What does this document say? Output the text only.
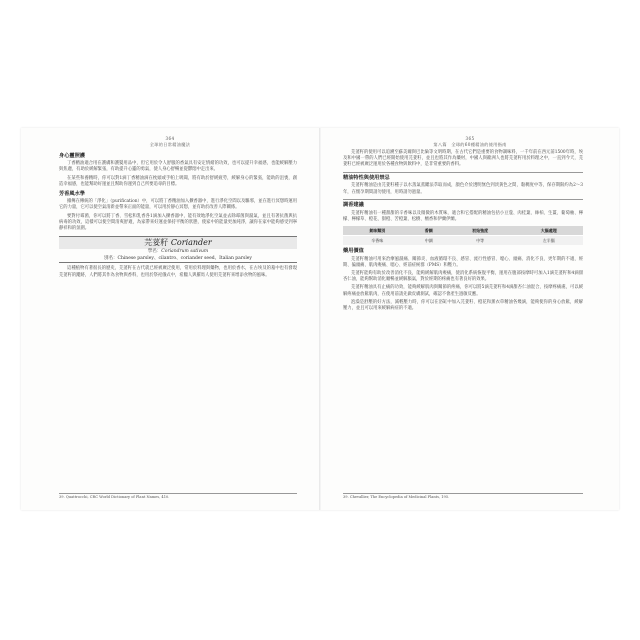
364
全球的日常精油魔法
身心靈照護

丁香精油適合用在護膚和護髮用品中，但它用於令人舒服的香氣具有安定情緒的功效，也可以提升幸福感，也能緩解壓力與焦慮，有助於緩解緊張，有助提升心靈的勇氣，使人身心舒暢並從鬱悶中走出來。

在某些和養精時，你可以對1滴丁香精油滴在枕頭或手帕上吸聞，將有助於舒緩疲勞，緩解身心的緊張，能助的沮喪，創造幸福感，也能幫助好運並且幫助你運到自己所要追尋的目標。

芳香風水學

據傳在傳統的「淨化」（purification）中，可以將丁香精油加入擴香器中，進行淨化空間以及驅邪，並在進行冥想時運用它的力量，它可以使空氣清新並帶來正面的能量，可以用於靜心冥想，並有助於改善人際關係。

要對付霉菌，你可以將丁香、雪松和乳香各1滴加入擴香器中，能有效地淨化空氣並去除霉菌與濕氣，並且有著抗菌與抗病毒的功效，這樣可以使空間清爽舒適，為家帶來好運並保持平衡的狀態，使家中的能量更加純淨，讓你在家中能夠感受到寧靜祥和的氛圍。

芫荽籽 Coriander
學名：Coriandrum sativum
別名：Chinese parsley、cilantro、coriander seed、Italian parsley

這種植物有著很長的歷史，芫荽籽在古代就已經被廣泛使用，常用於料理與藥物，也用於香水，在古埃及的墓中也有發現芫荽籽的蹤跡，人們將其作為食物與香料，也用於祭祀儀式中，希臘人與羅馬人使用芫荽籽來增添食物的風味。

39. Quattrocchi, CRC World Dictionary of Plant Names, 410.
365
第八篇　全球的60種精油的使用指南

芫荽籽的使用可以追溯至蘇美爾與巴比倫等文明時期，在古代它們是重要的食物調味料，一千年前在西元前1500年時，埃及和中國一帶的人們已經開始使用芫荽籽，並且也將其作為藥材，中國人與歐洲人也將芫荽籽用於料理之中，一直到今天，芫荽籽已經被廣泛運用於各種食物與飲料中，是非常重要的香料。

精油特性與使用禁忌

芫荽籽精油是由芫荽籽種子以水蒸氣蒸餾法萃取而成，顏色介於透明無色到淡黃色之間，黏稠度中等，保存期限約為2～3年，在懷孕期間請勿使用，用時請勿過量。

調香建議

芫荽籽精油有一種甜甜的辛香味以及微微的木質味，適合和它搭配的精油包括小豆蔻、肉桂葉、絲柏、生薑、葡萄柚、檸檬、檸檬草、橙花、甜橙、苦橙葉、松樹、檀香和伊蘭伊蘭。

氣味類別	香調	初始強度	大腦處理
辛香味	中調	中等	左半腦
藥用價值

芫荽籽精油可用來治療風濕痛、關節炎、血液循環不良、感冒、流行性感冒、噁心、頭痛、消化不良、更年期的不適、經期、偏頭痛、肌肉痠痛、噁心、經前症候群（PMS）和壓力。

芫荽籽能夠有助於改善消化不良，能夠緩解肌肉痠痛，使消化系統恢復平衡，運用在腹部按摩時可加入1滴芫荽籽和4滴甜杏仁油，能夠幫助消化順暢並緩解脹氣，對於經期的疼痛也有著良好的效果。

芫荽籽精油具有止痛的功效，能夠緩解肌肉與關節的疼痛，你可以將5滴芫荽籽和4滴甜杏仁油混合，按摩疼痛處，可以緩解疼痛並放鬆肌肉，在使用前請先做皮膚測試，確認不會產生過敏反應。

泡澡是舒壓的好方法，減輕壓力時，你可以在浴缸中加入芫荽籽、橙花和薰衣草精油各幾滴，能夠使你的身心放鬆，緩解壓力，並且可以用來緩解病症的不適。

39. Chevallier, The Encyclopedia of Medicinal Plants, 195.
